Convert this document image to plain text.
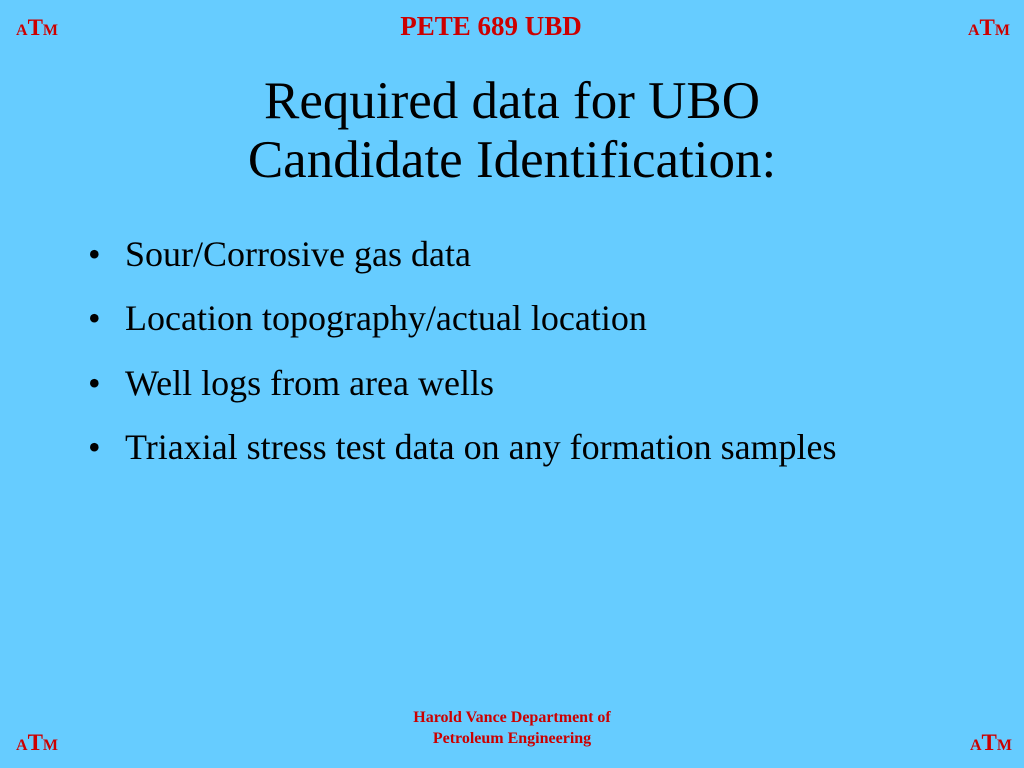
ATM	PETE 689 UBD	ATM
Required data for UBO
Candidate Identification:
• Sour/Corrosive gas data
• Location topography/actual location
• Well logs from area wells
• Triaxial stress test data on any formation samples
ATM
Harold Vance Department of
Petroleum Engineering	ATM
